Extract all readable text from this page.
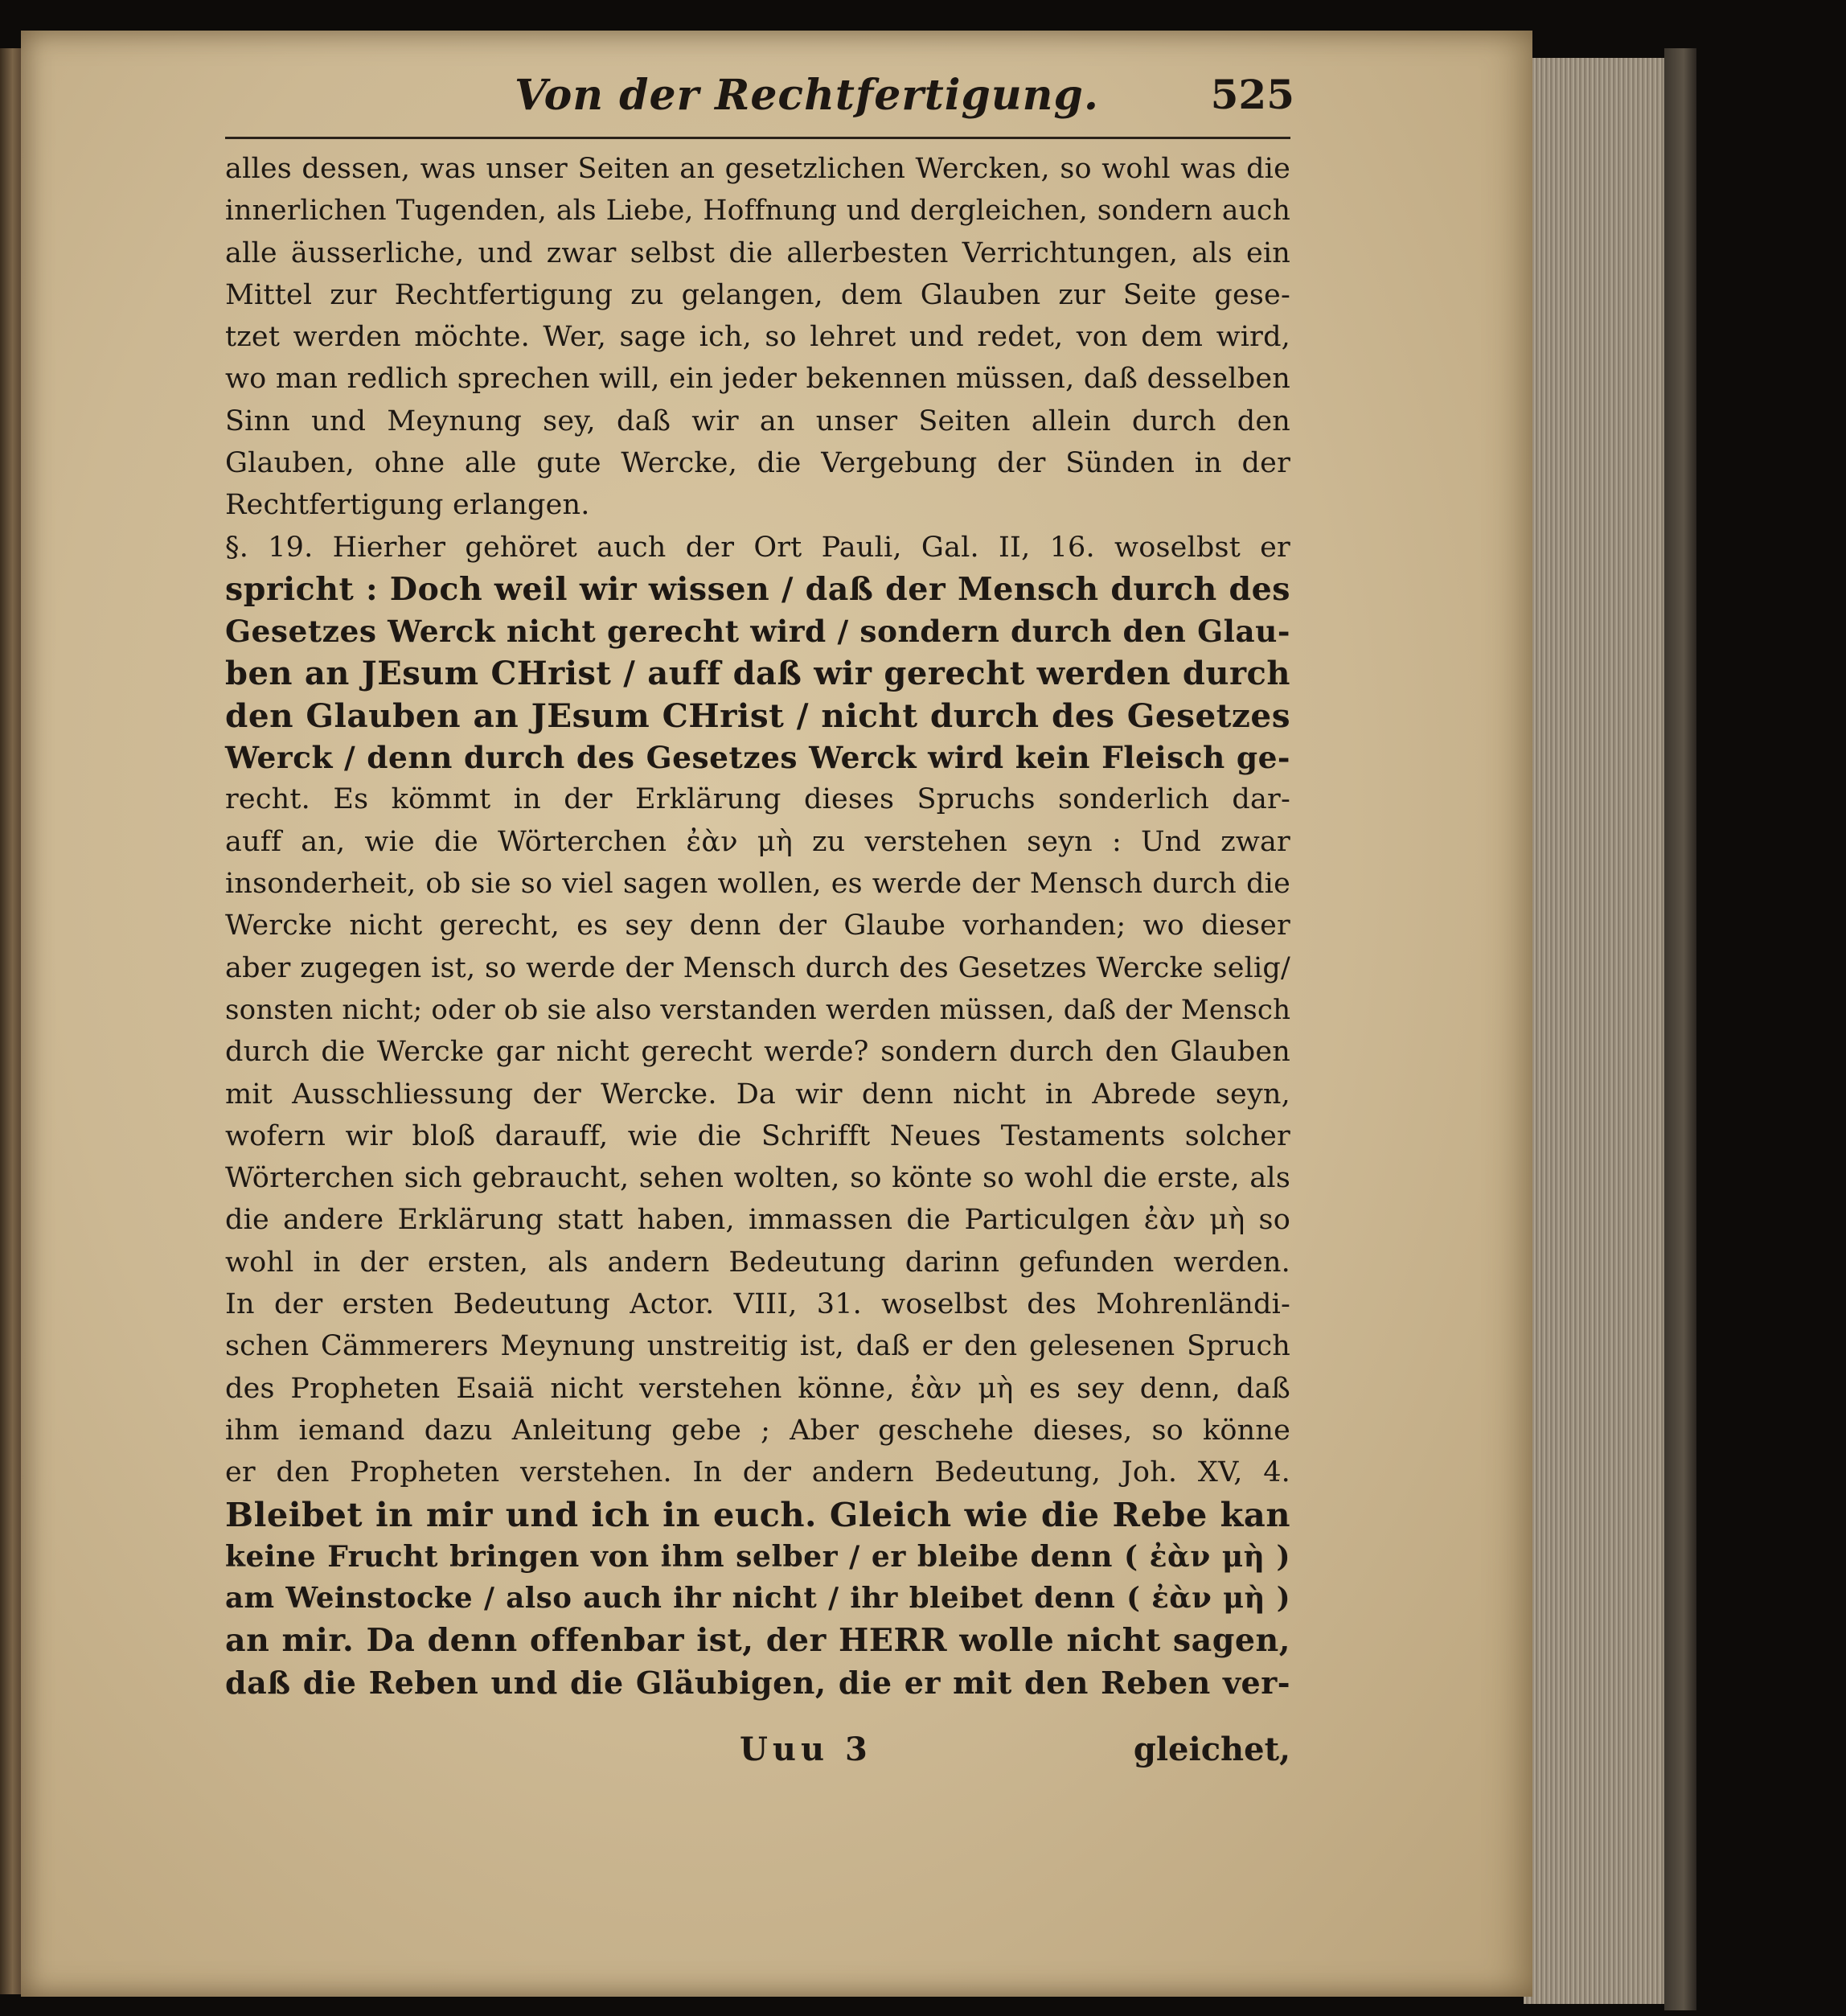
Von der Rechtfertigung.	525
alles dessen, was unser Seiten an gesetzlichen Wercken, so wohl was die
innerlichen Tugenden, als Liebe, Hoffnung und dergleichen, sondern auch
alle äusserliche, und zwar selbst die allerbesten Verrichtungen, als ein
Mittel zur Rechtfertigung zu gelangen, dem Glauben zur Seite gese-
tzet werden möchte. Wer, sage ich, so lehret und redet, von dem wird,
wo man redlich sprechen will, ein jeder bekennen müssen, daß desselben
Sinn und Meynung sey, daß wir an unser Seiten allein durch den
Glauben, ohne alle gute Wercke, die Vergebung der Sünden in der
Rechtfertigung erlangen.
§. 19. Hierher gehöret auch der Ort Pauli, Gal. II, 16. woselbst er
spricht : Doch weil wir wissen / daß der Mensch durch des
Gesetzes Werck nicht gerecht wird / sondern durch den Glau-
ben an JEsum CHrist / auff daß wir gerecht werden durch
den Glauben an JEsum CHrist / nicht durch des Gesetzes
Werck / denn durch des Gesetzes Werck wird kein Fleisch ge-
recht. Es kömmt in der Erklärung dieses Spruchs sonderlich dar-
auff an, wie die Wörterchen ἐὰν μὴ zu verstehen seyn : Und zwar
insonderheit, ob sie so viel sagen wollen, es werde der Mensch durch die
Wercke nicht gerecht, es sey denn der Glaube vorhanden; wo dieser
aber zugegen ist, so werde der Mensch durch des Gesetzes Wercke selig/
sonsten nicht; oder ob sie also verstanden werden müssen, daß der Mensch
durch die Wercke gar nicht gerecht werde? sondern durch den Glauben
mit Ausschliessung der Wercke. Da wir denn nicht in Abrede seyn,
wofern wir bloß darauff, wie die Schrifft Neues Testaments solcher
Wörterchen sich gebraucht, sehen wolten, so könte so wohl die erste, als
die andere Erklärung statt haben, immassen die Particulgen ἐὰν μὴ so
wohl in der ersten, als andern Bedeutung darinn gefunden werden.
In der ersten Bedeutung Actor. VIII, 31. woselbst des Mohrenländi-
schen Cämmerers Meynung unstreitig ist, daß er den gelesenen Spruch
des Propheten Esaiä nicht verstehen könne, ἐὰν μὴ es sey denn, daß
ihm iemand dazu Anleitung gebe ; Aber geschehe dieses, so könne
er den Propheten verstehen. In der andern Bedeutung, Joh. XV, 4.
Bleibet in mir und ich in euch. Gleich wie die Rebe kan
keine Frucht bringen von ihm selber / er bleibe denn ( ἐὰν μὴ )
am Weinstocke / also auch ihr nicht / ihr bleibet denn ( ἐὰν μὴ )
an mir. Da denn offenbar ist, der HERR wolle nicht sagen,
daß die Reben und die Gläubigen, die er mit den Reben ver-
Uuu 3	gleichet,
